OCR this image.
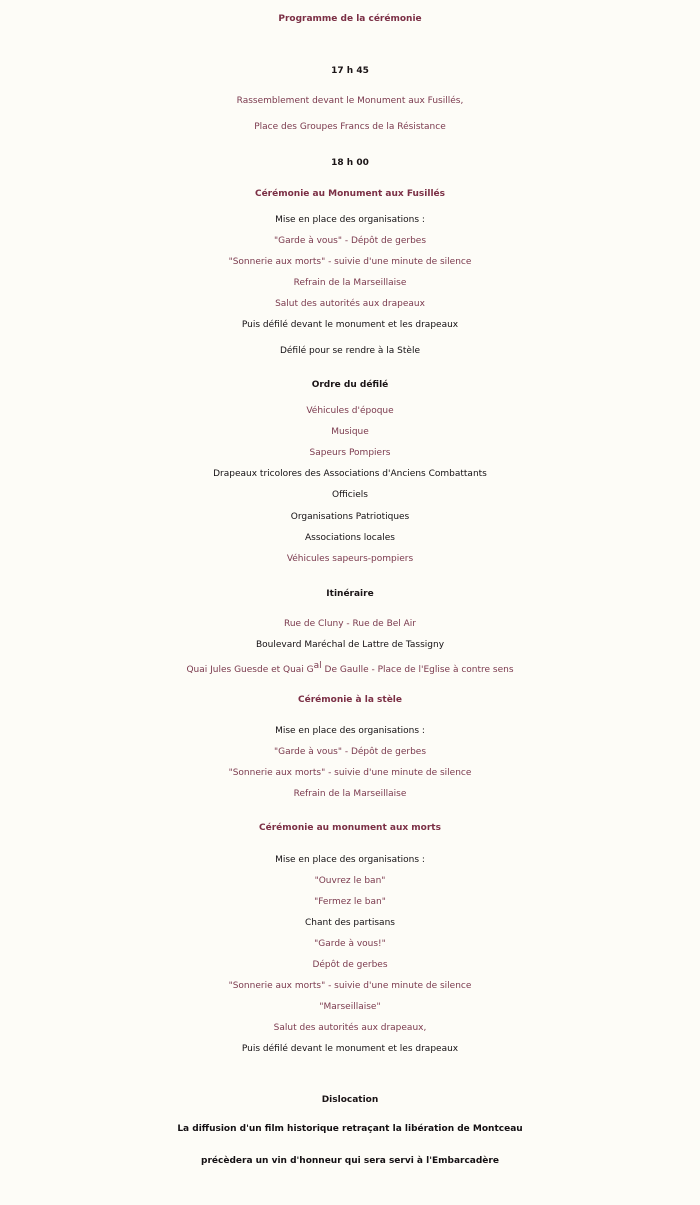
Programme de la cérémonie
17 h 45
Rassemblement devant le Monument aux Fusillés,
Place des Groupes Francs de la Résistance
18 h 00
Cérémonie au Monument aux Fusillés
Mise en place des organisations :
"Garde à vous" - Dépôt de gerbes
"Sonnerie aux morts" - suivie d'une minute de silence
Refrain de la Marseillaise
Salut des autorités aux drapeaux
Puis défilé devant le monument et les drapeaux
Défilé pour se rendre à la Stèle
Ordre du défilé
Véhicules d'époque
Musique
Sapeurs Pompiers
Drapeaux tricolores des Associations d'Anciens Combattants
Officiels
Organisations Patriotiques
Associations locales
Véhicules sapeurs-pompiers
Itinéraire
Rue de Cluny - Rue de Bel Air
Boulevard Maréchal de Lattre de Tassigny
Quai Jules Guesde et Quai $G^{al}$ De Gaulle - Place de l'Eglise à contre sens
Cérémonie à la stèle
Mise en place des organisations :
"Garde à vous" - Dépôt de gerbes
"Sonnerie aux morts" - suivie d'une minute de silence
Refrain de la Marseillaise
Cérémonie au monument aux morts
Mise en place des organisations :
"Ouvrez le ban"
"Fermez le ban"
Chant des partisans
"Garde à vous!"
Dépôt de gerbes
"Sonnerie aux morts" - suivie d'une minute de silence
"Marseillaise"
Salut des autorités aux drapeaux,
Puis défilé devant le monument et les drapeaux
Dislocation
La diffusion d'un film historique retraçant la libération de Montceau
précèdera un vin d'honneur qui sera servi à l'Embarcadère
